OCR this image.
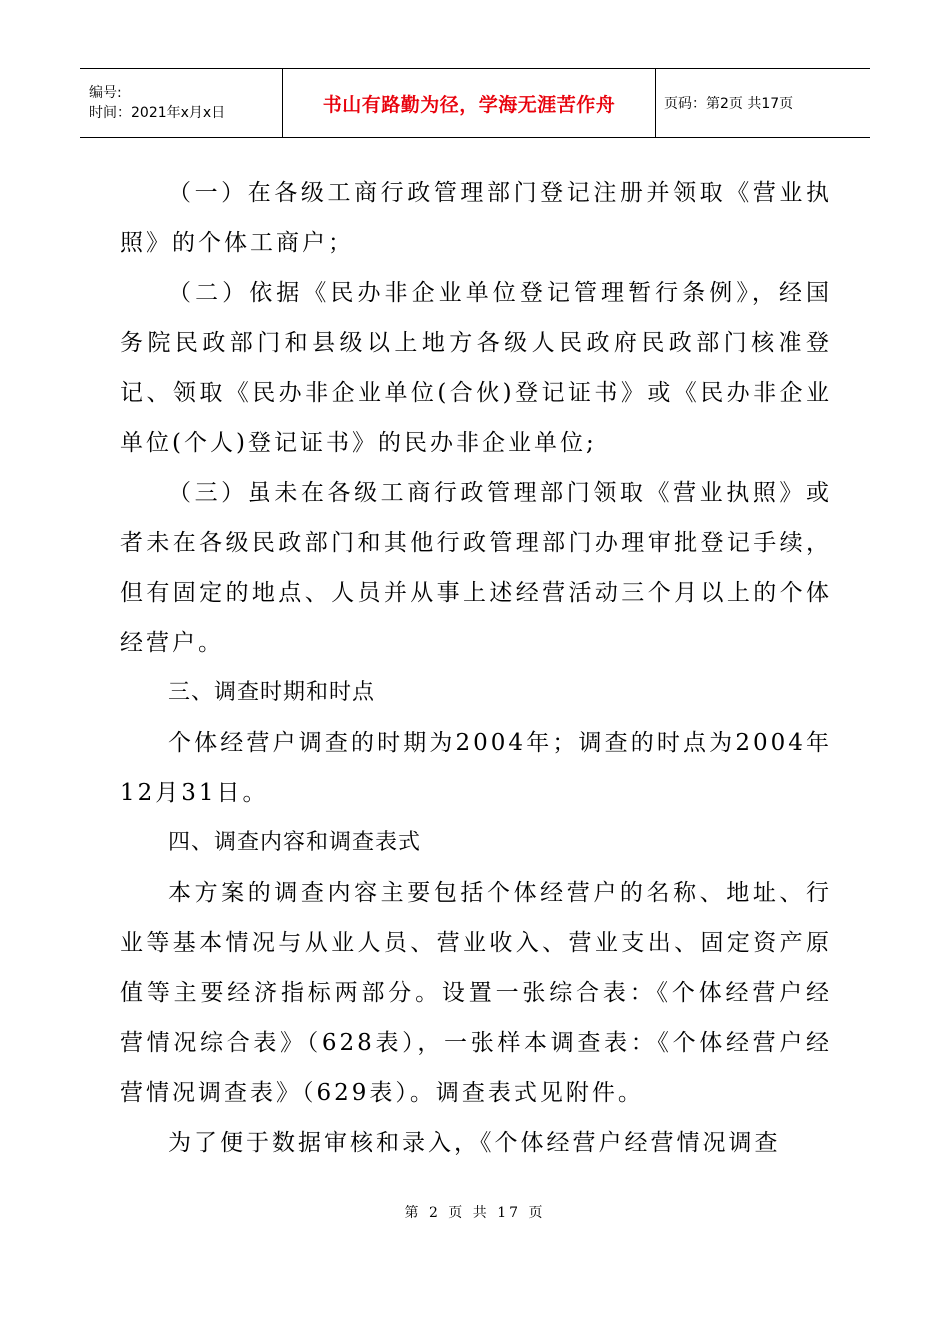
编号:
时间：2021年x月x日	书山有路勤为径，学海无涯苦作舟	页码：第2页 共17页

（一）在各级工商行政管理部门登记注册并领取《营业执照》的个体工商户；

（二）依据《民办非企业单位登记管理暂行条例》，经国务院民政部门和县级以上地方各级人民政府民政部门核准登记、领取《民办非企业单位(合伙)登记证书》或《民办非企业单位(个人)登记证书》的民办非企业单位;

（三）虽未在各级工商行政管理部门领取《营业执照》或者未在各级民政部门和其他行政管理部门办理审批登记手续，但有固定的地点、人员并从事上述经营活动三个月以上的个体经营户。

三、调查时期和时点

个体经营户调查的时期为2004年；调查的时点为2004年12月31日。

四、调查内容和调查表式

本方案的调查内容主要包括个体经营户的名称、地址、行业等基本情况与从业人员、营业收入、营业支出、固定资产原值等主要经济指标两部分。设置一张综合表：《个体经营户经营情况综合表》（628表），一张样本调查表：《个体经营户经营情况调查表》（629表）。调查表式见附件。

为了便于数据审核和录入，《个体经营户经营情况调查

第 2 页 共 17 页
